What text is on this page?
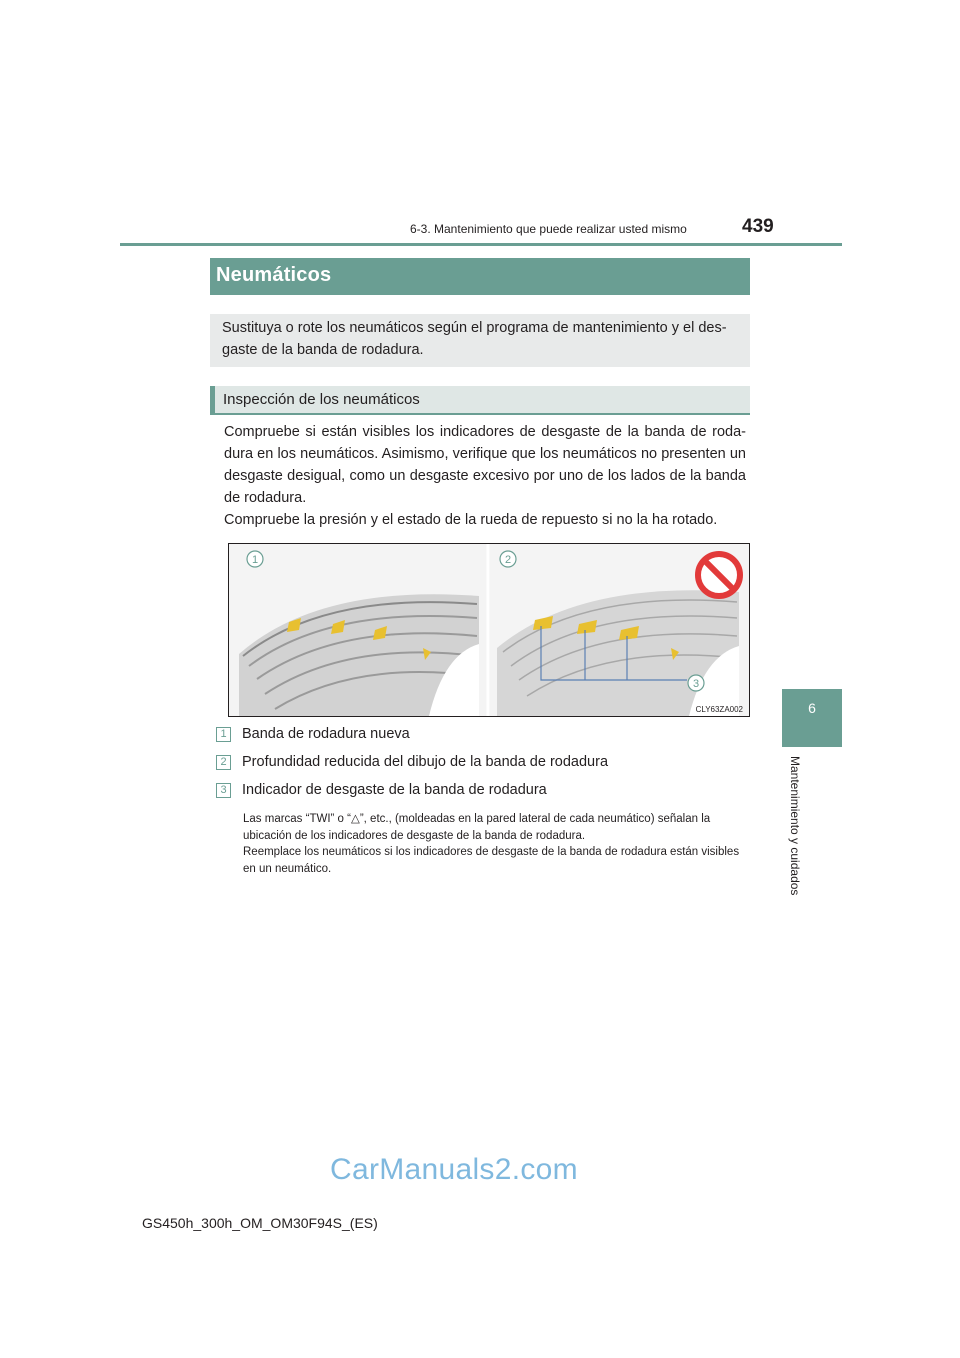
6-3. Mantenimiento que puede realizar usted mismo	439
6
Mantenimiento y cuidados
Neumáticos
Sustituya o rote los neumáticos según el programa de mantenimiento y el des-gaste de la banda de rodadura.
Inspección de los neumáticos

Compruebe si están visibles los indicadores de desgaste de la banda de roda-dura en los neumáticos. Asimismo, verifique que los neumáticos no presenten un desgaste desigual, como un desgaste excesivo por uno de los lados de la banda de rodadura.

Compruebe la presión y el estado de la rueda de repuesto si no la ha rotado.

1	2
3
CLY63ZA002
1	Banda de rodadura nueva
2	Profundidad reducida del dibujo de la banda de rodadura
3	Indicador de desgaste de la banda de rodadura

Las marcas “TWI” o “△”, etc., (moldeadas en la pared lateral de cada neumático) señalan la ubicación de los indicadores de desgaste de la banda de rodadura.

Reemplace los neumáticos si los indicadores de desgaste de la banda de rodadura están visibles en un neumático.

CarManuals2.com
GS450h_300h_OM_OM30F94S_(ES)
